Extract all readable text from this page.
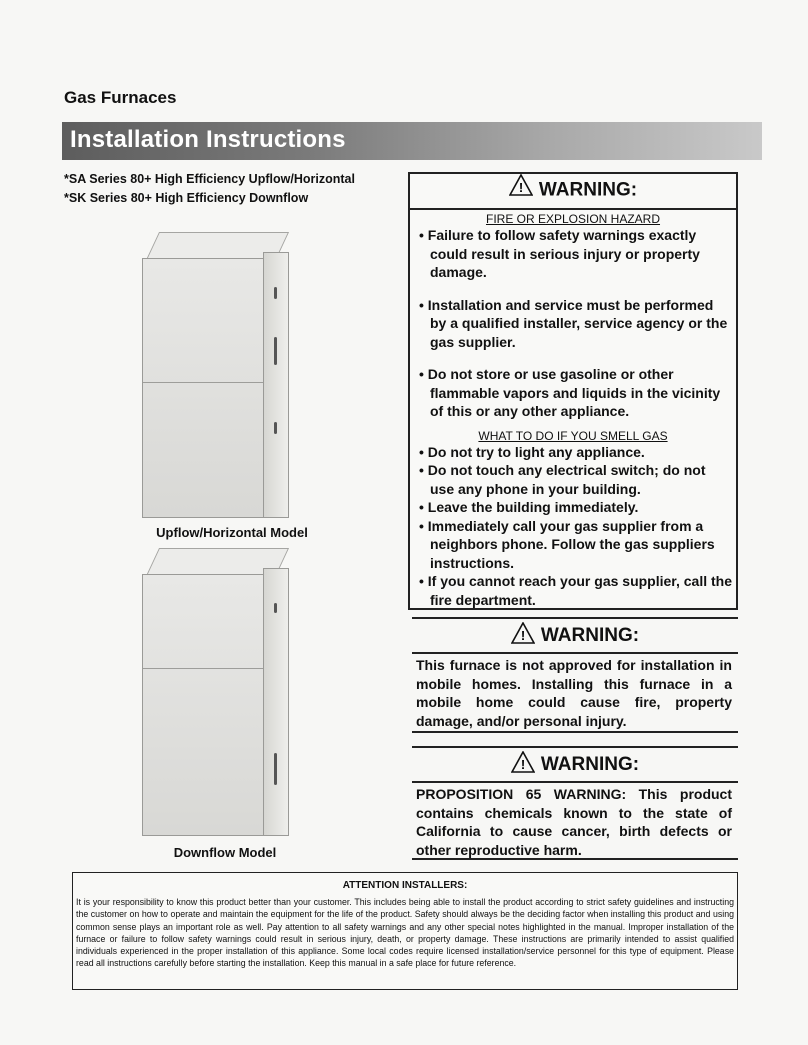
Gas Furnaces
Installation Instructions
*SA Series 80+ High Efficiency Upflow/Horizontal
*SK Series 80+ High Efficiency Downflow
Upflow/Horizontal Model
Downflow Model
! WARNING:
FIRE OR EXPLOSION HAZARD
• Failure to follow safety warnings exactly could result in serious injury or property damage.
• Installation and service must be performed by a qualified installer, service agency or the gas supplier.
• Do not store or use gasoline or other flammable vapors and liquids in the vicinity of this or any other appliance.
WHAT TO DO IF YOU SMELL GAS
• Do not try to light any appliance.
• Do not touch any electrical switch; do not use any phone in your building.
• Leave the building immediately.
• Immediately call your gas supplier from a neighbors phone. Follow the gas suppliers instructions.
• If you cannot reach your gas supplier, call the fire department.
! WARNING:
This furnace is not approved for installation in mobile homes. Installing this furnace in a mobile home could cause fire, property damage, and/or personal injury.
! WARNING:
PROPOSITION 65 WARNING: This product contains chemicals known to the state of California to cause cancer, birth defects or other reproductive harm.
ATTENTION INSTALLERS:
It is your responsibility to know this product better than your customer. This includes being able to install the product according to strict safety guidelines and instructing the customer on how to operate and maintain the equipment for the life of the product. Safety should always be the deciding factor when installing this product and using common sense plays an important role as well. Pay attention to all safety warnings and any other special notes highlighted in the manual. Improper installation of the furnace or failure to follow safety warnings could result in serious injury, death, or property damage. These instructions are primarily intended to assist qualified individuals experienced in the proper installation of this appliance. Some local codes require licensed installation/service personnel for this type of equipment. Please read all instructions carefully before starting the installation. Keep this manual in a safe place for future reference.
